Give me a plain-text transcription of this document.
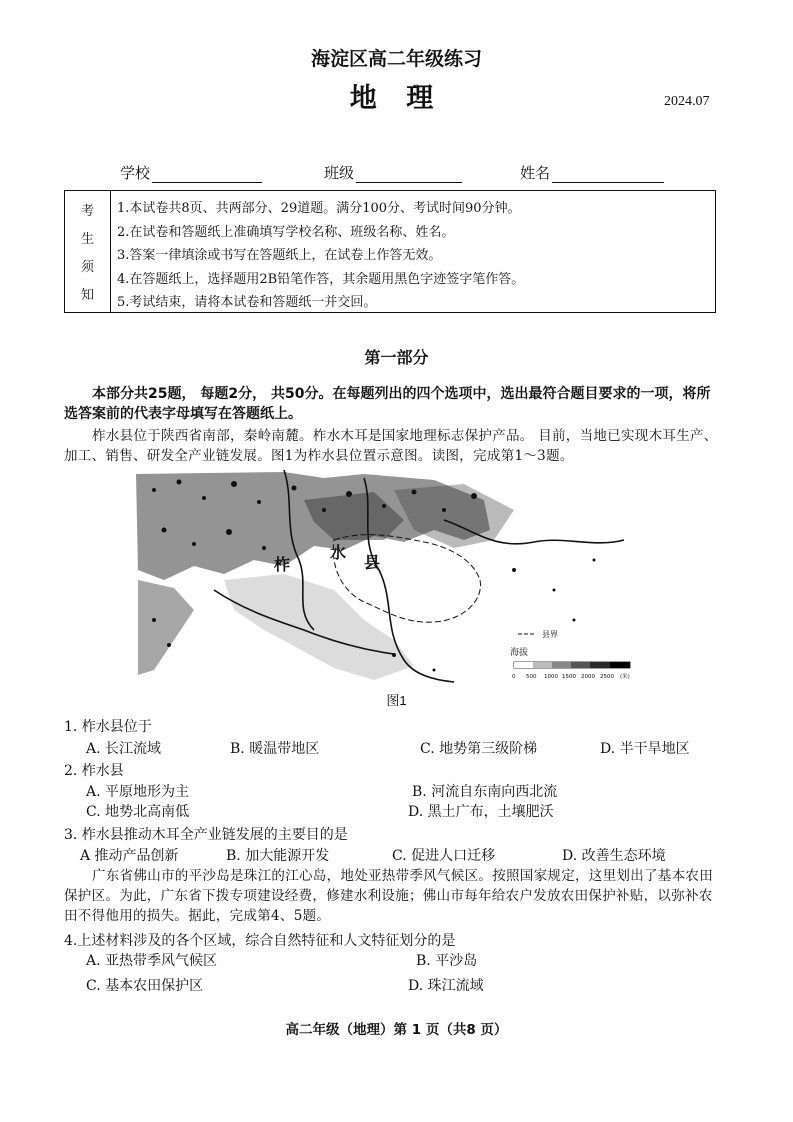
海淀区高二年级练习
地 理	2024.07
学校	班级	姓名
考
生
须
知
1.本试卷共8页、共两部分、29道题。满分100分、考试时间90分钟。
2.在试卷和答题纸上准确填写学校名称、班级名称、姓名。
3.答案一律填涂或书写在答题纸上，在试卷上作答无效。
4.在答题纸上，选择题用2B铅笔作答，其余题用黑色字迹签字笔作答。
5.考试结束，请将本试卷和答题纸一并交回。
第一部分
本部分共25题， 每题2分， 共50分。在每题列出的四个选项中，选出最符合题目要求的一项，将所选答案前的代表字母填写在答题纸上。
柞水县位于陕西省南部，秦岭南麓。柞水木耳是国家地理标志保护产品。 目前，当地已实现木耳生产、加工、销售、研发全产业链发展。图1为柞水县位置示意图。读图，完成第1～3题。
柞
水
县
县界
海拔
0 500 1000 1500 2000 2500 (米)
图1
1. 柞水县位于
A. 长江流域	B. 暖温带地区	C. 地势第三级阶梯	D. 半干旱地区
2. 柞水县
A. 平原地形为主	B. 河流自东南向西北流
C. 地势北高南低	D. 黑土广布，土壤肥沃
3. 柞水县推动木耳全产业链发展的主要目的是
A 推动产品创新	B. 加大能源开发	C. 促进人口迁移	D. 改善生态环境
广东省佛山市的平沙岛是珠江的江心岛，地处亚热带季风气候区。按照国家规定，这里划出了基本农田保护区。为此，广东省下拨专项建设经费，修建水利设施；佛山市每年给农户发放农田保护补贴，以弥补农田不得他用的损失。据此，完成第4、5题。
4.上述材料涉及的各个区域，综合自然特征和人文特征划分的是
A. 亚热带季风气候区	B. 平沙岛
C. 基本农田保护区	D. 珠江流域
高二年级（地理）第 1 页（共8 页）
